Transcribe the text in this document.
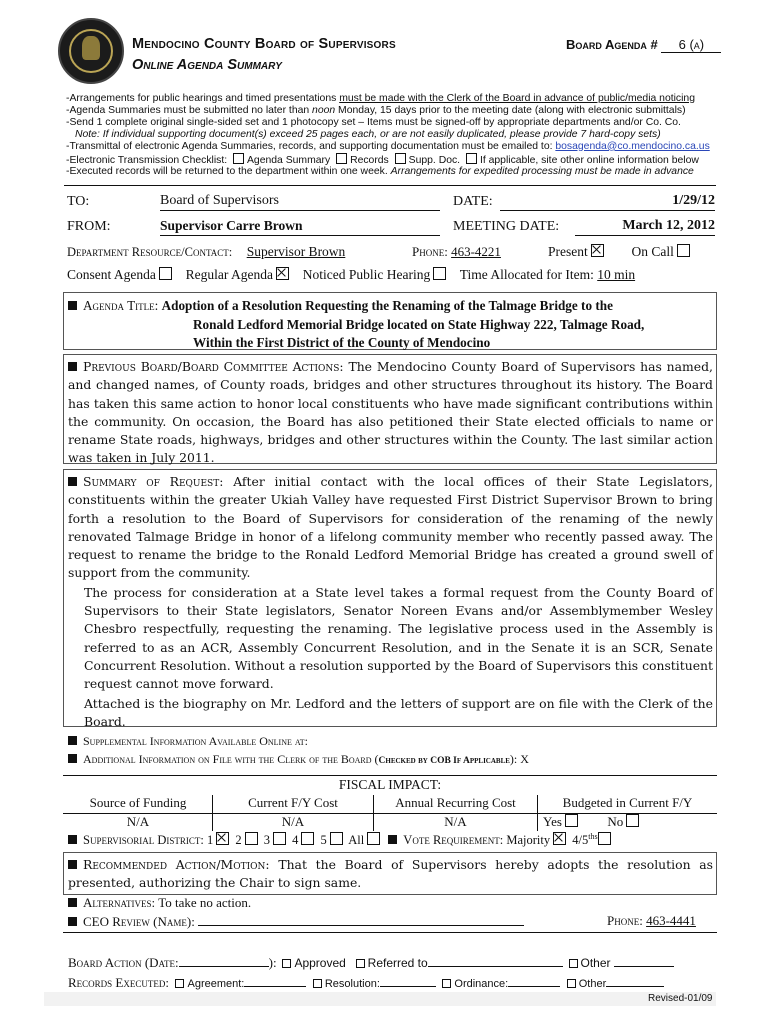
Mendocino County Board of Supervisors
Online Agenda Summary
Board Agenda # 6 (a)
-Arrangements for public hearings and timed presentations must be made with the Clerk of the Board in advance of public/media noticing
-Agenda Summaries must be submitted no later than noon Monday, 15 days prior to the meeting date (along with electronic submittals)
-Send 1 complete original single-sided set and 1 photocopy set – Items must be signed-off by appropriate departments and/or Co. Co.
Note: If individual supporting document(s) exceed 25 pages each, or are not easily duplicated, please provide 7 hard-copy sets)
-Transmittal of electronic Agenda Summaries, records, and supporting documentation must be emailed to: bosagenda@co.mendocino.ca.us
-Electronic Transmission Checklist: Agenda Summary Records Supp. Doc. If applicable, site other online information below
-Executed records will be returned to the department within one week. Arrangements for expedited processing must be made in advance
TO:	Board of Supervisors	DATE:	1/29/12
FROM:	Supervisor Carre Brown	MEETING DATE:	March 12, 2012
Department Resource/Contact: Supervisor Brown	Phone: 463-4221	Present	On Call
Consent Agenda Regular Agenda Noticed Public Hearing Time Allocated for Item: 10 min
Agenda Title: Adoption of a Resolution Requesting the Renaming of the Talmage Bridge to the
Ronald Ledford Memorial Bridge located on State Highway 222, Talmage Road,
Within the First District of the County of Mendocino
Previous Board/Board Committee Actions: The Mendocino County Board of Supervisors has named, and changed names, of County roads, bridges and other structures throughout its history. The Board has taken this same action to honor local constituents who have made significant contributions within the community. On occasion, the Board has also petitioned their State elected officials to name or rename State roads, highways, bridges and other structures within the County. The last similar action was taken in July 2011.
Summary of Request: After initial contact with the local offices of their State Legislators, constituents within the greater Ukiah Valley have requested First District Supervisor Brown to bring forth a resolution to the Board of Supervisors for consideration of the renaming of the newly renovated Talmage Bridge in honor of a lifelong community member who recently passed away. The request to rename the bridge to the Ronald Ledford Memorial Bridge has created a ground swell of support from the community.
The process for consideration at a State level takes a formal request from the County Board of Supervisors to their State legislators, Senator Noreen Evans and/or Assemblymember Wesley Chesbro respectfully, requesting the renaming. The legislative process used in the Assembly is referred to as an ACR, Assembly Concurrent Resolution, and in the Senate it is an SCR, Senate Concurrent Resolution. Without a resolution supported by the Board of Supervisors this constituent request cannot move forward.
Attached is the biography on Mr. Ledford and the letters of support are on file with the Clerk of the Board.
Supplemental Information Available Online at:
Additional Information on File with the Clerk of the Board (Checked by COB If Applicable): X
FISCAL IMPACT:
Source of Funding	Current F/Y Cost	Annual Recurring Cost	Budgeted in Current F/Y
N/A	N/A	N/A	Yes	No
Supervisorial District: 1 2 3 4 5 All	Vote Requirement: Majority $4/5^{ths}$
Recommended Action/Motion: That the Board of Supervisors hereby adopts the resolution as presented, authorizing the Chair to sign same.
Alternatives: To take no action.
CEO Review (Name):	Phone: 463-4441
Board Action (Date:	): Approved Referred to	Other
Records Executed: Agreement:	Resolution:	Ordinance:	Other
Revised-01/09
